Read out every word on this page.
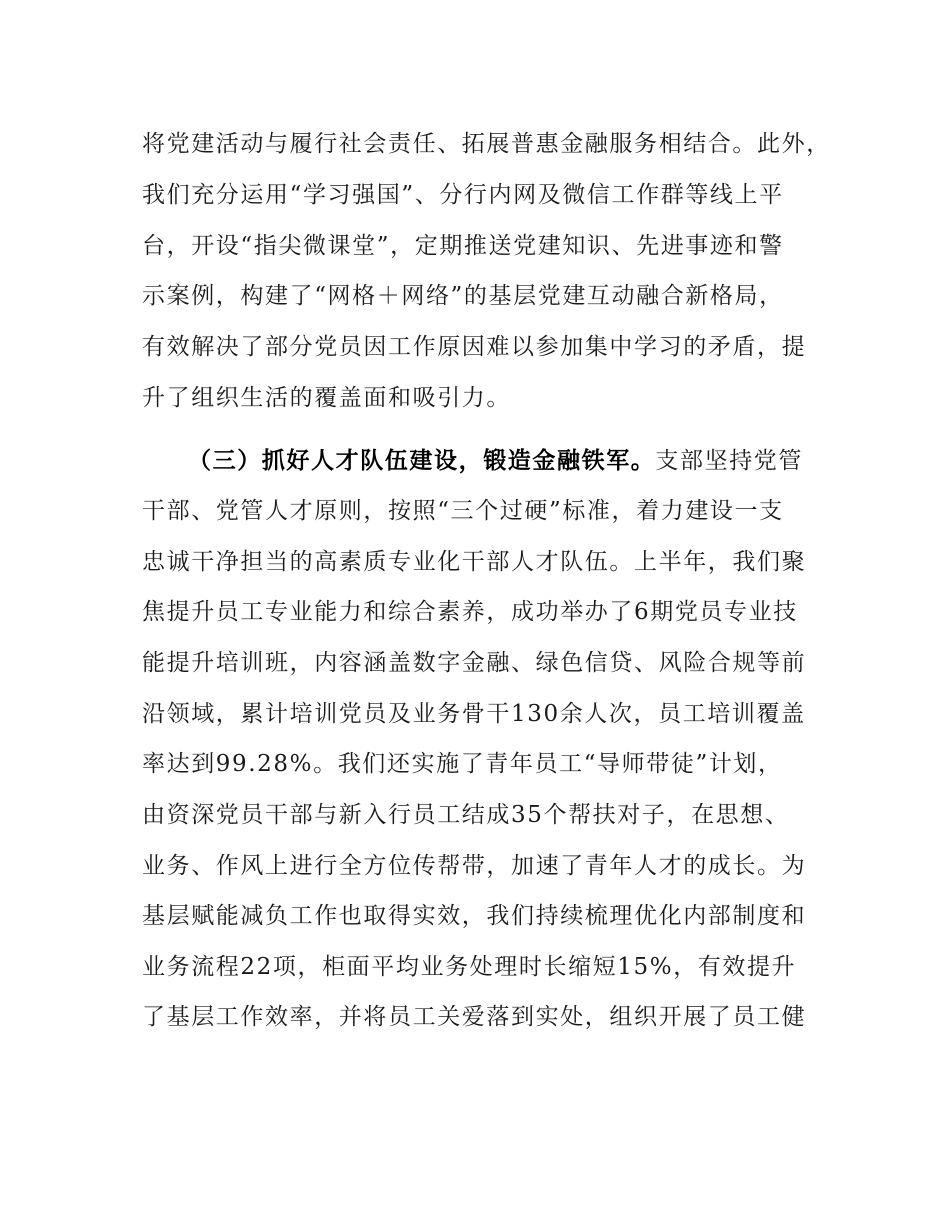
将党建活动与履行社会责任、拓展普惠金融服务相结合。此外，
我们充分运用“学习强国”、分行内网及微信工作群等线上平
台，开设“指尖微课堂”，定期推送党建知识、先进事迹和警
示案例，构建了“网格＋网络”的基层党建互动融合新格局，
有效解决了部分党员因工作原因难以参加集中学习的矛盾，提
升了组织生活的覆盖面和吸引力。
（三）抓好人才队伍建设，锻造金融铁军。支部坚持党管
干部、党管人才原则，按照“三个过硬”标准，着力建设一支
忠诚干净担当的高素质专业化干部人才队伍。上半年，我们聚
焦提升员工专业能力和综合素养，成功举办了6期党员专业技
能提升培训班，内容涵盖数字金融、绿色信贷、风险合规等前
沿领域，累计培训党员及业务骨干130余人次，员工培训覆盖
率达到99.28%。我们还实施了青年员工“导师带徒”计划，
由资深党员干部与新入行员工结成35个帮扶对子，在思想、
业务、作风上进行全方位传帮带，加速了青年人才的成长。为
基层赋能减负工作也取得实效，我们持续梳理优化内部制度和
业务流程22项，柜面平均业务处理时长缩短15%，有效提升
了基层工作效率，并将员工关爱落到实处，组织开展了员工健
